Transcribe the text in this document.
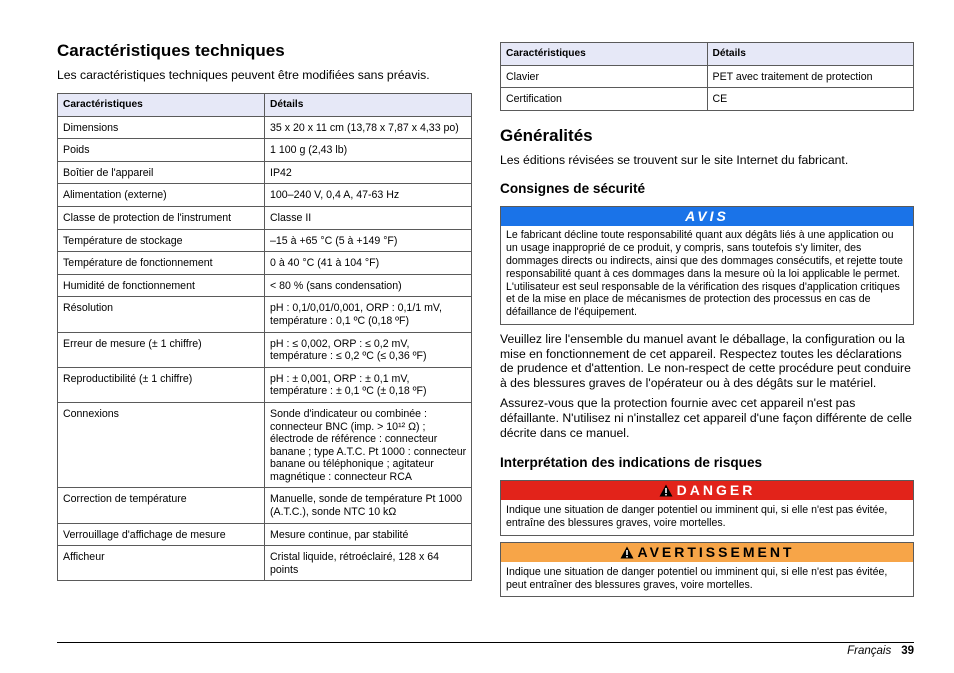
Caractéristiques techniques

Les caractéristiques techniques peuvent être modifiées sans préavis.

Caractéristiques	Détails
Dimensions	35 x 20 x 11 cm (13,78 x 7,87 x 4,33 po)
Poids	1 100 g (2,43 lb)
Boîtier de l'appareil	IP42
Alimentation (externe)	100–240 V, 0,4 A, 47-63 Hz
Classe de protection de l'instrument	Classe II
Température de stockage	–15 à +65 °C (5 à +149 °F)
Température de fonctionnement	0 à 40 °C (41 à 104 °F)
Humidité de fonctionnement	< 80 % (sans condensation)
Résolution	pH : 0,1/0,01/0,001, ORP : 0,1/1 mV, température : 0,1 ºC (0,18 ºF)
Erreur de mesure (± 1 chiffre)	pH : ≤ 0,002, ORP : ≤ 0,2 mV, température : ≤ 0,2 ºC (≤ 0,36 ºF)
Reproductibilité (± 1 chiffre)	pH : ± 0,001, ORP : ± 0,1 mV, température : ± 0,1 ºC (± 0,18 ºF)
Connexions	Sonde d'indicateur ou combinée : connecteur BNC (imp. > 10¹² Ω) ; électrode de référence : connecteur banane ; type A.T.C. Pt 1000 : connecteur banane ou téléphonique ; agitateur magnétique : connecteur RCA
Correction de température	Manuelle, sonde de température Pt 1000 (A.T.C.), sonde NTC 10 kΩ
Verrouillage d'affichage de mesure	Mesure continue, par stabilité
Afficheur	Cristal liquide, rétroéclairé, 128 x 64 points
Caractéristiques	Détails
Clavier	PET avec traitement de protection
Certification	CE
Généralités

Les éditions révisées se trouvent sur le site Internet du fabricant.

Consignes de sécurité
AVIS
Le fabricant décline toute responsabilité quant aux dégâts liés à une application ou un usage inapproprié de ce produit, y compris, sans toutefois s'y limiter, des dommages directs ou indirects, ainsi que des dommages consécutifs, et rejette toute responsabilité quant à ces dommages dans la mesure où la loi applicable le permet. L'utilisateur est seul responsable de la vérification des risques d'application critiques et de la mise en place de mécanismes de protection des processus en cas de défaillance de l'équipement.

Veuillez lire l'ensemble du manuel avant le déballage, la configuration ou la mise en fonctionnement de cet appareil. Respectez toutes les déclarations de prudence et d'attention. Le non-respect de cette procédure peut conduire à des blessures graves de l'opérateur ou à des dégâts sur le matériel.

Assurez-vous que la protection fournie avec cet appareil n'est pas défaillante. N'utilisez ni n'installez cet appareil d'une façon différente de celle décrite dans ce manuel.

Interprétation des indications de risques
DANGER
Indique une situation de danger potentiel ou imminent qui, si elle n'est pas évitée, entraîne des blessures graves, voire mortelles.
AVERTISSEMENT
Indique une situation de danger potentiel ou imminent qui, si elle n'est pas évitée, peut entraîner des blessures graves, voire mortelles.
Français 39
